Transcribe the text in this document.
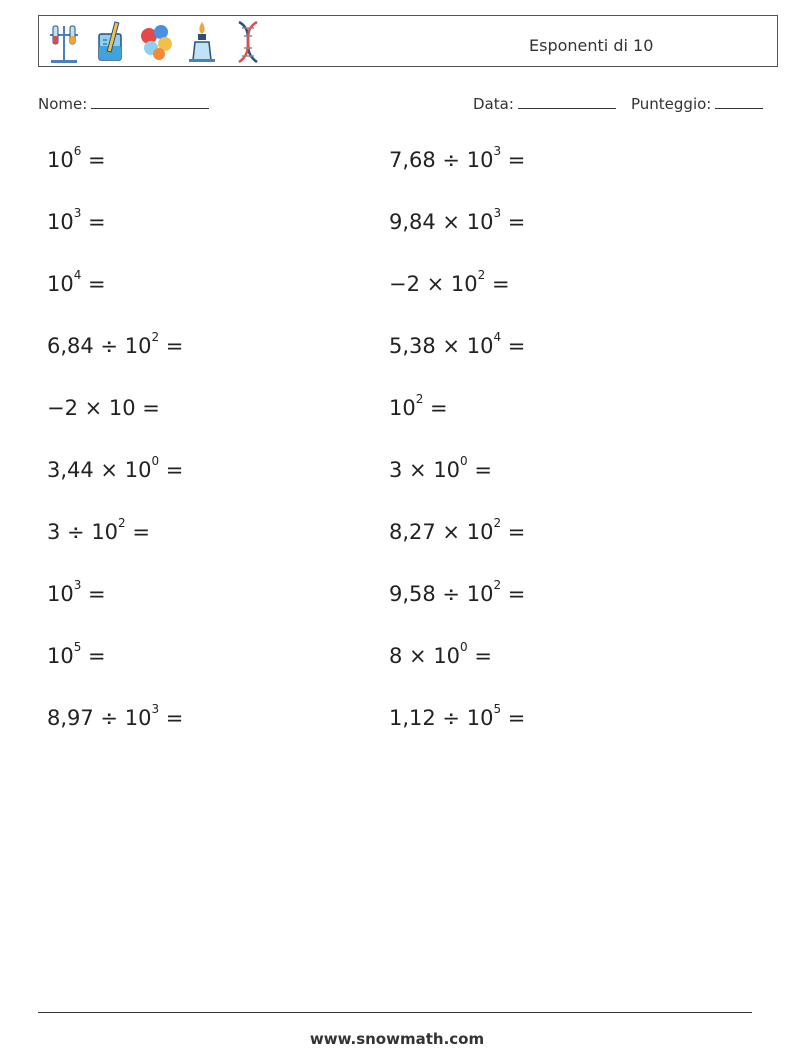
Esponenti di 10
Nome:	Data:	Punteggio:
$10^6$ =	$7,68 \div 10^3$ =
$10^3$ =	$9,84 \times 10^3$ =
$10^4$ =	$-2 \times 10^2$ =
$6,84 \div 10^2$ =	$5,38 \times 10^4$ =
−2 × 10 =	$10^2$ =
$3,44 \times 10^0$ =	$3 \times 10^0$ =
$3 \div 10^2$ =	$8,27 \times 10^2$ =
$10^3$ =	$9,58 \div 10^2$ =
$10^5$ =	$8 \times 10^0$ =
$8,97 \div 10^3$ =	$1,12 \div 10^5$ =
www.snowmath.com
